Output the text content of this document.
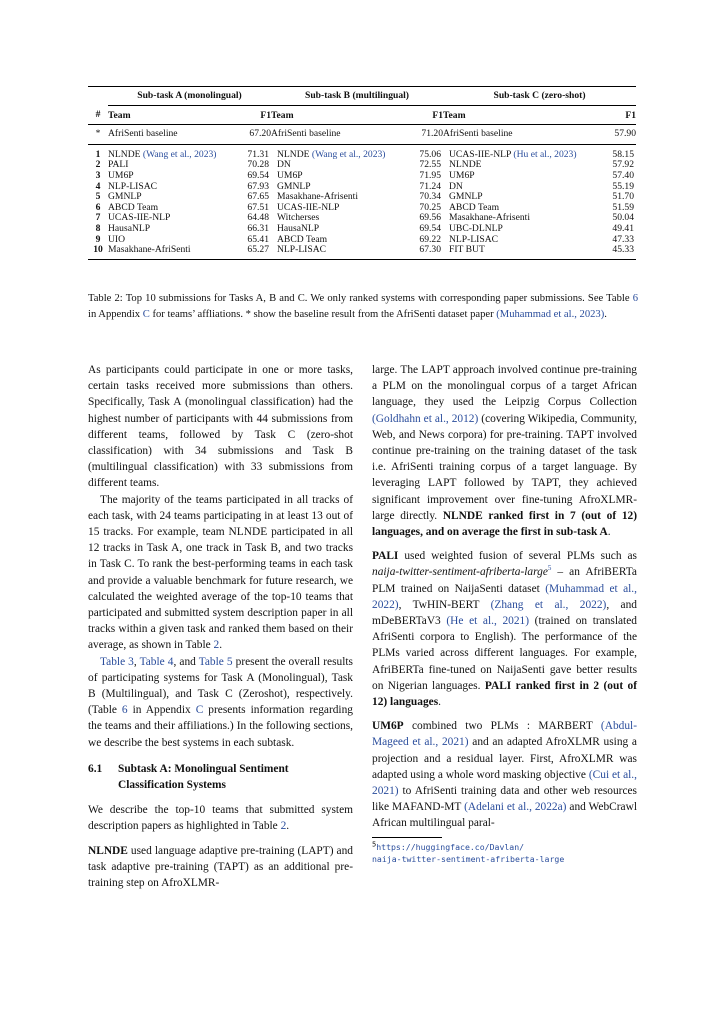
	Sub-task A (monolingual)		Sub-task B (multilingual)		Sub-task C (zero-shot)	
#	Team	F1	Team	F1	Team	F1
*	AfriSenti baseline	67.20	AfriSenti baseline	71.20	AfriSenti baseline	57.90
1	NLNDE (Wang et al., 2023)	71.31	NLNDE (Wang et al., 2023)	75.06	UCAS-IIE-NLP (Hu et al., 2023)	58.15
2	PALI	70.28	DN	72.55	NLNDE	57.92
3	UM6P	69.54	UM6P	71.95	UM6P	57.40
4	NLP-LISAC	67.93	GMNLP	71.24	DN	55.19
5	GMNLP	67.65	Masakhane-Afrisenti	70.34	GMNLP	51.70
6	ABCD Team	67.51	UCAS-IIE-NLP	70.25	ABCD Team	51.59
7	UCAS-IIE-NLP	64.48	Witcherses	69.56	Masakhane-Afrisenti	50.04
8	HausaNLP	66.31	HausaNLP	69.54	UBC-DLNLP	49.41
9	UIO	65.41	ABCD Team	69.22	NLP-LISAC	47.33
10	Masakhane-AfriSenti	65.27	NLP-LISAC	67.30	FIT BUT	45.33
Table 2: Top 10 submissions for Tasks A, B and C. We only ranked systems with corresponding paper submissions. See Table 6 in Appendix C for teams’ affliations. * show the baseline result from the AfriSenti dataset paper (Muhammad et al., 2023).

As participants could participate in one or more tasks, certain tasks received more submissions than others. Specifically, Task A (monolingual classification) had the highest number of participants with 44 submissions from different teams, followed by Task C (zero-shot classification) with 34 submissions and Task B (multilingual classification) with 33 submissions from different teams.

The majority of the teams participated in all tracks of each task, with 24 teams participating in at least 13 out of 15 tracks. For example, team NLNDE participated in all 12 tracks in Task A, one track in Task B, and two tracks in Task C. To rank the best-performing teams in each task and provide a valuable benchmark for future research, we calculated the weighted average of the top-10 teams that participated and submitted system description paper in all tracks within a given task and ranked them based on their average, as shown in Table 2.

Table 3, Table 4, and Table 5 present the overall results of participating systems for Task A (Monolingual), Task B (Multilingual), and Task C (Zeroshot), respectively. (Table 6 in Appendix C presents information regarding the teams and their affiliations.) In the following sections, we describe the best systems in each subtask.

6.1	Subtask A: Monolingual Sentiment Classification Systems

We describe the top-10 teams that submitted system description papers as highlighted in Table 2.

NLNDE used language adaptive pre-training (LAPT) and task adaptive pre-training (TAPT) as an additional pre-training step on AfroXLMR-

large. The LAPT approach involved continue pre-training a PLM on the monolingual corpus of a target African language, they used the Leipzig Corpus Collection (Goldhahn et al., 2012) (covering Wikipedia, Community, Web, and News corpora) for pre-training. TAPT involved continue pre-training on the training dataset of the task i.e. AfriSenti training corpus of a target language. By leveraging LAPT followed by TAPT, they achieved significant improvement over fine-tuning AfroXLMR-large directly. NLNDE ranked first in 7 (out of 12) languages, and on average the first in sub-task A.

PALI used weighted fusion of several PLMs such as naija-twitter-sentiment-afriberta-large$^5$ – an AfriBERTa PLM trained on NaijaSenti dataset (Muhammad et al., 2022), TwHIN-BERT (Zhang et al., 2022), and mDeBERTaV3 (He et al., 2021) (trained on translated AfriSenti corpora to English). The performance of the PLMs varied across different languages. For example, AfriBERTa fine-tuned on NaijaSenti gave better results on Nigerian languages. PALI ranked first in 2 (out of 12) languages.

UM6P combined two PLMs : MARBERT (Abdul-Mageed et al., 2021) and an adapted AfroXLMR using a projection and a residual layer. First, AfroXLMR was adapted using a whole word masking objective (Cui et al., 2021) to AfriSenti training data and other web resources like MAFAND-MT (Adelani et al., 2022a) and WebCrawl African multilingual paral-

$^5$https://huggingface.co/Davlan/
naija-twitter-sentiment-afriberta-large
